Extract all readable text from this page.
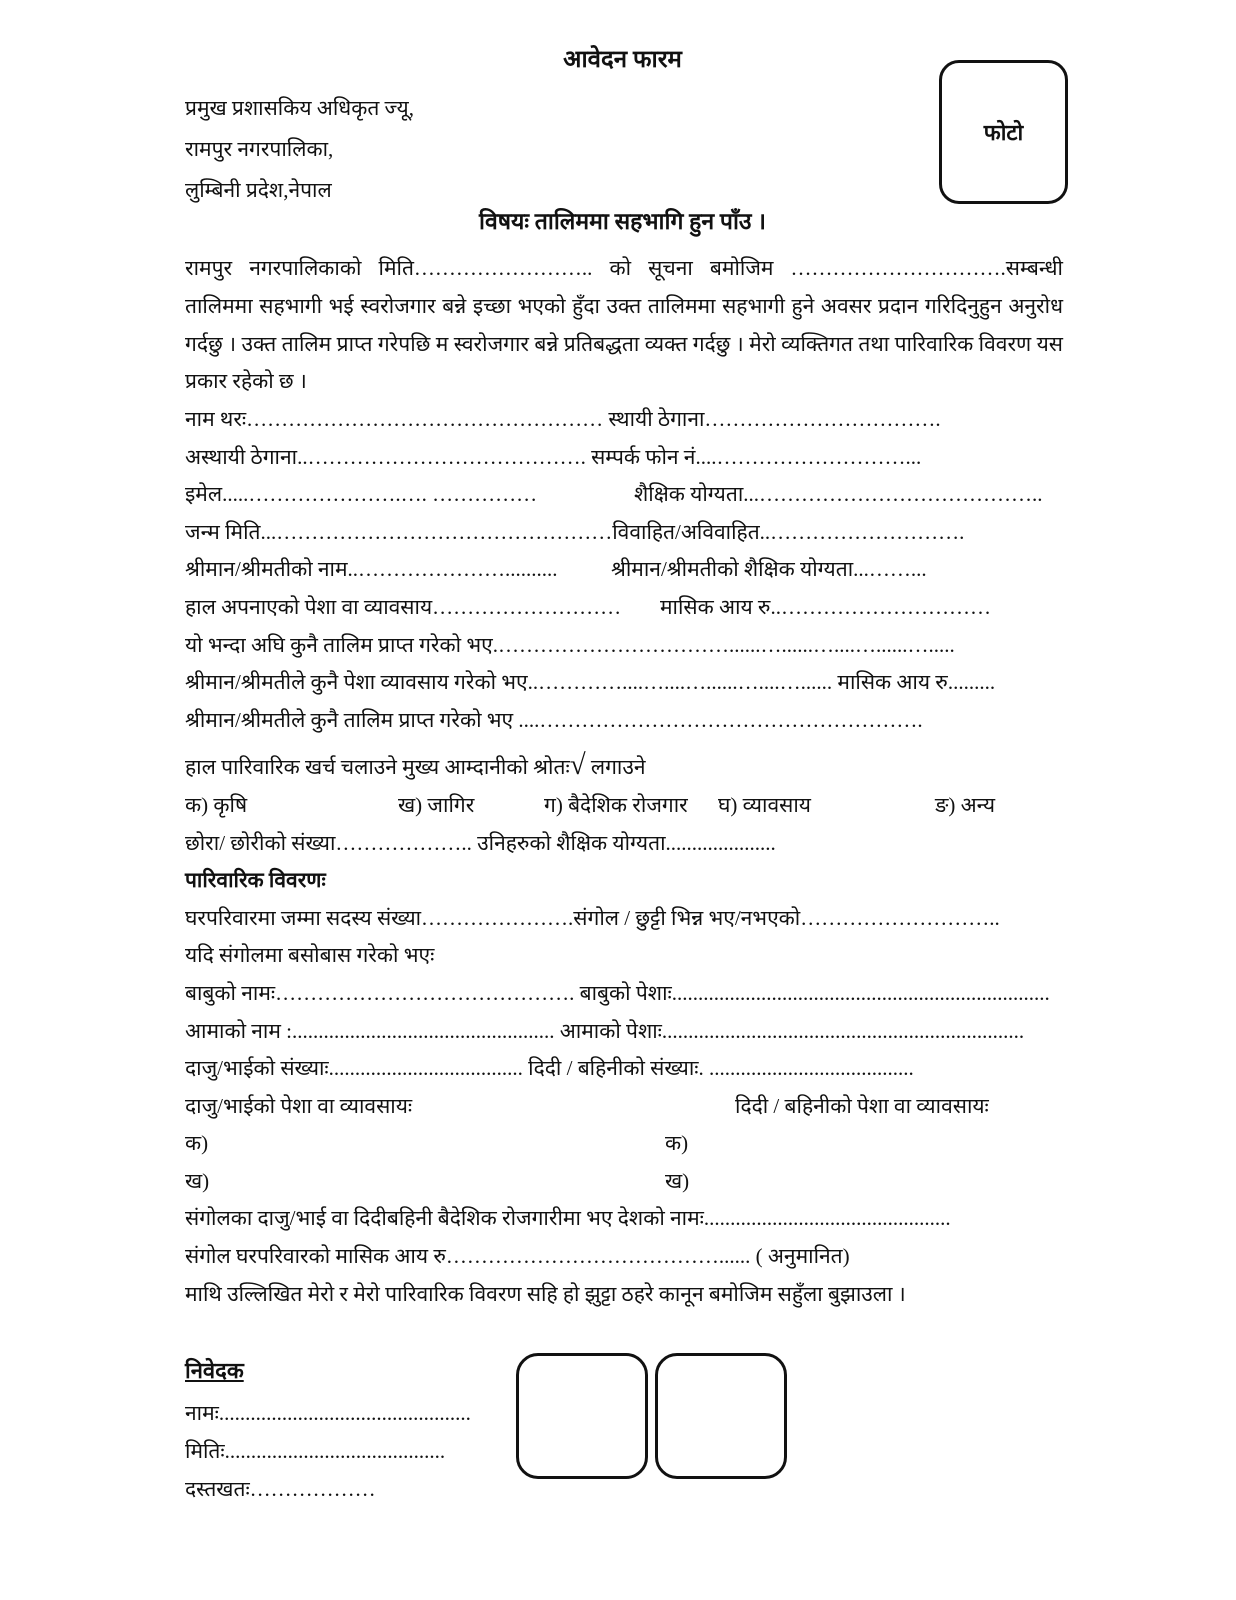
आवेदन फारम
फोटो
प्रमुख प्रशासकिय अधिकृत ज्यू,
रामपुर नगरपालिका,
लुम्बिनी प्रदेश,नेपाल
विषयः तालिममा सहभागि हुन पाँउ ।
रामपुर नगरपालिकाको मिति…………………….. को सूचना बमोजिम ………………………….सम्बन्धी तालिममा सहभागी भई स्वरोजगार बन्ने इच्छा भएको हुँदा उक्त तालिममा सहभागी हुने अवसर प्रदान गरिदिनुहुन अनुरोध गर्दछु । उक्त तालिम प्राप्त गरेपछि म स्वरोजगार बन्ने प्रतिबद्धता व्यक्त गर्दछु । मेरो व्यक्तिगत तथा पारिवारिक विवरण यस प्रकार रहेको छ ।
नाम थरः…………………………………………… स्थायी ठेगाना…………………………….
अस्थायी ठेगाना..…………………………………. सम्पर्क फोन नं....………………………...
इमेल.....………………….…. ……………	शैक्षिक योग्यता...…………………………………..
जन्म मिति...…………………………………………विवाहित/अविवाहित..……………………….
श्रीमान/श्रीमतीको नाम..…………………..........	श्रीमान/श्रीमतीको शैक्षिक योग्यता...……...
हाल अपनाएको पेशा वा व्यावसाय……………………… मासिक आय रु..…………………………
यो भन्दा अघि कुनै तालिम प्राप्त गरेको भए.……………………………......…......…....…......….....
श्रीमान/श्रीमतीले कुनै पेशा व्यावसाय गरेको भए..…………....…....…......…....…...... मासिक आय रु.........
श्रीमान/श्रीमतीले कुनै तालिम प्राप्त गरेको भए ....……………………………………………….
हाल पारिवारिक खर्च चलाउने मुख्य आम्दानीको श्रोतः√ लगाउने
क) कृषि	ख) जागिर	ग) बैदेशिक रोजगार घ) व्यावसाय	ङ) अन्य
छोरा/ छोरीको संख्या……………….. उनिहरुको शैक्षिक योग्यता.....................
पारिवारिक विवरणः
घरपरिवारमा जम्मा सदस्य संख्या………………….संगोल / छुट्टी भिन्न भए/नभएको………………………..
यदि संगोलमा बसोबास गरेको भएः
बाबुको नामः……………………………………. बाबुको पेशाः........................................................................
आमाको नाम :.................................................. आमाको पेशाः.....................................................................
दाजु/भाईको संख्याः..................................... दिदी / बहिनीको संख्याः. .......................................
दाजु/भाईको पेशा वा व्यावसायः	दिदी / बहिनीको पेशा वा व्यावसायः
क)	क)
ख)	ख)
संगोलका दाजु/भाई वा दिदीबहिनी बैदेशिक रोजगारीमा भए देशको नामः...............................................
संगोल घरपरिवारको मासिक आय रु…………………………………...... ( अनुमानित)
माथि उल्लिखित मेरो र मेरो पारिवारिक विवरण सहि हो झुट्टा ठहरे कानून बमोजिम सहुँला बुझाउला ।
निवेदक
नामः................................................
मितिः..........................................
दस्तखतः………………
